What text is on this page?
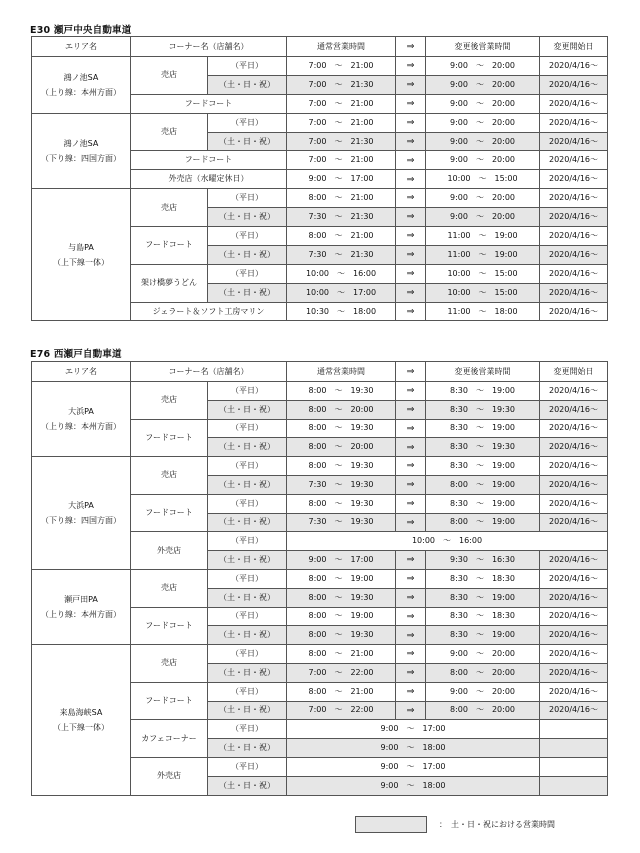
E30 瀬戸中央自動車道
エリア名	コーナー名（店舗名）		通常営業時間	⇒	変更後営業時間	変更開始日
鴻ノ池SA
（上り線：本州方面）	売店	（平日）	7:00　～　21:00	⇒	9:00　～　20:00	2020/4/16～
		（土・日・祝）	7:00　～　21:30	⇒	9:00　～　20:00	2020/4/16～
	フードコート		7:00　～　21:00	⇒	9:00　～　20:00	2020/4/16～
鴻ノ池SA
（下り線：四国方面）	売店	（平日）	7:00　～　21:00	⇒	9:00　～　20:00	2020/4/16～
		（土・日・祝）	7:00　～　21:30	⇒	9:00　～　20:00	2020/4/16～
	フードコート		7:00　～　21:00	⇒	9:00　～　20:00	2020/4/16～
	外売店（水曜定休日）		9:00　～　17:00	⇒	10:00　～　15:00	2020/4/16～
与島PA
（上下線一体）	売店	（平日）	8:00　～　21:00	⇒	9:00　～　20:00	2020/4/16～
		（土・日・祝）	7:30　～　21:30	⇒	9:00　～　20:00	2020/4/16～
	フードコート	（平日）	8:00　～　21:00	⇒	11:00　～　19:00	2020/4/16～
		（土・日・祝）	7:30　～　21:30	⇒	11:00　～　19:00	2020/4/16～
	架け橋夢うどん	（平日）	10:00　～　16:00	⇒	10:00　～　15:00	2020/4/16～
		（土・日・祝）	10:00　～　17:00	⇒	10:00　～　15:00	2020/4/16～
	ジェラート＆ソフト工房マリン		10:30　～　18:00	⇒	11:00　～　18:00	2020/4/16～
E76 西瀬戸自動車道
エリア名	コーナー名（店舗名）		通常営業時間	⇒	変更後営業時間	変更開始日
大浜PA
（上り線：本州方面）	売店	（平日）	8:00　～　19:30	⇒	8:30　～　19:00	2020/4/16～
		（土・日・祝）	8:00　～　20:00	⇒	8:30　～　19:30	2020/4/16～
	フードコート	（平日）	8:00　～　19:30	⇒	8:30　～　19:00	2020/4/16～
		（土・日・祝）	8:00　～　20:00	⇒	8:30　～　19:30	2020/4/16～
大浜PA
（下り線：四国方面）	売店	（平日）	8:00　～　19:30	⇒	8:30　～　19:00	2020/4/16～
		（土・日・祝）	7:30　～　19:30	⇒	8:00　～　19:00	2020/4/16～
	フードコート	（平日）	8:00　～　19:30	⇒	8:30　～　19:00	2020/4/16～
		（土・日・祝）	7:30　～　19:30	⇒	8:00　～　19:00	2020/4/16～
	外売店	（平日）	10:00　～　16:00			
		（土・日・祝）	9:00　～　17:00	⇒	9:30　～　16:30	2020/4/16～
瀬戸田PA
（上り線：本州方面）	売店	（平日）	8:00　～　19:00	⇒	8:30　～　18:30	2020/4/16～
		（土・日・祝）	8:00　～　19:30	⇒	8:30　～　19:00	2020/4/16～
	フードコート	（平日）	8:00　～　19:00	⇒	8:30　～　18:30	2020/4/16～
		（土・日・祝）	8:00　～　19:30	⇒	8:30　～　19:00	2020/4/16～
来島海峡SA
（上下線一体）	売店	（平日）	8:00　～　21:00	⇒	9:00　～　20:00	2020/4/16～
		（土・日・祝）	7:00　～　22:00	⇒	8:00　～　20:00	2020/4/16～
	フードコート	（平日）	8:00　～　21:00	⇒	9:00　～　20:00	2020/4/16～
		（土・日・祝）	7:00　～　22:00	⇒	8:00　～　20:00	2020/4/16～
	カフェコーナー	（平日）	9:00　～　17:00			
		（土・日・祝）	9:00　～　18:00			
	外売店	（平日）	9:00　～　17:00			
		（土・日・祝）	9:00　～　18:00			
：　土・日・祝における営業時間
